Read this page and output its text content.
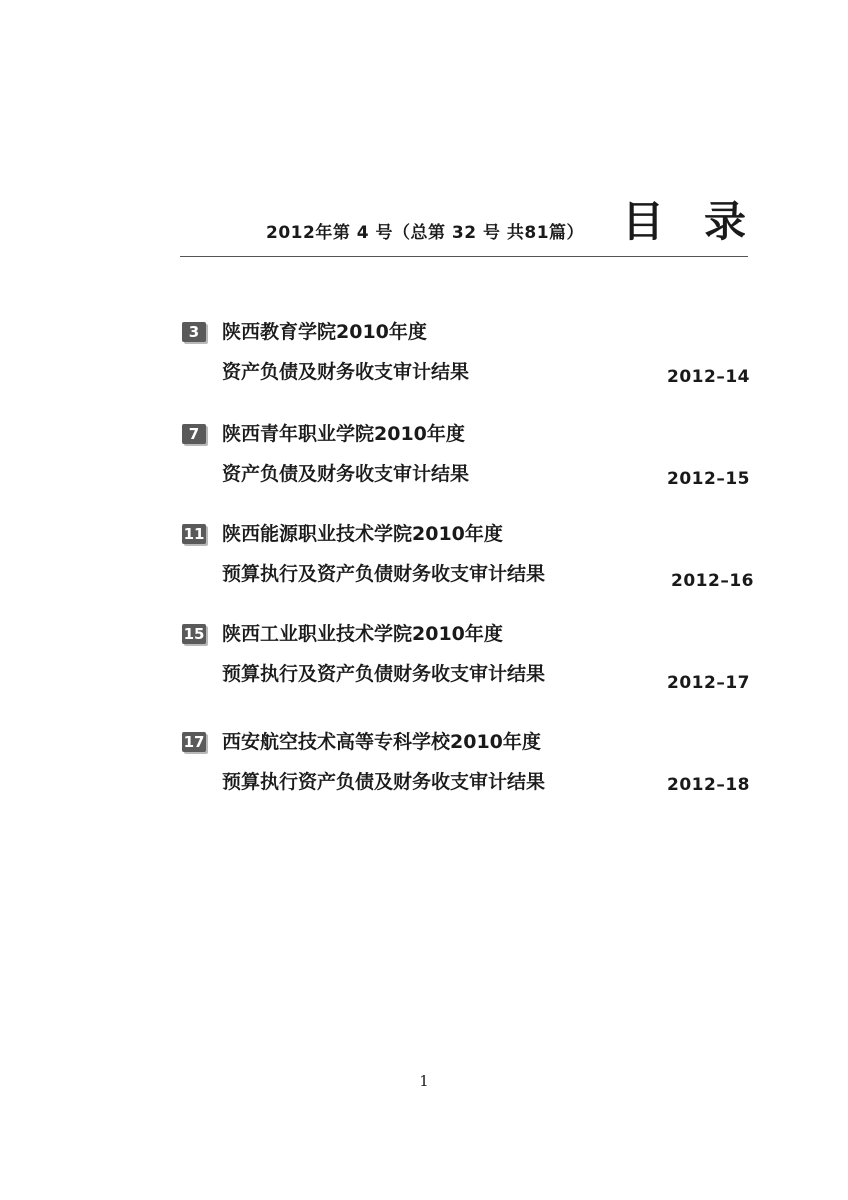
2012年第 4 号（总第 32 号 共81篇） 目录
3	陕西教育学院2010年度
资产负债及财务收支审计结果	2012–14
7	陕西青年职业学院2010年度
资产负债及财务收支审计结果	2012–15
11 陕西能源职业技术学院2010年度
预算执行及资产负债财务收支审计结果	2012–16
15 陕西工业职业技术学院2010年度
预算执行及资产负债财务收支审计结果	2012–17
17 西安航空技术高等专科学校2010年度
预算执行资产负债及财务收支审计结果	2012–18
1
